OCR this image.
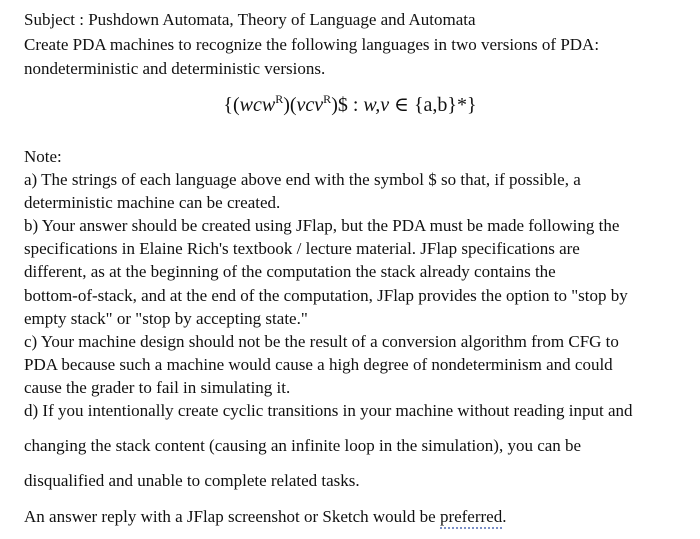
Subject : Pushdown Automata, Theory of Language and Automata
Create PDA machines to recognize the following languages in two versions of PDA:
nondeterministic and deterministic versions.
{(wcw$^R$)(vcv$^R$)$ : w,v ∈ {a,b}*}
Note:
a) The strings of each language above end with the symbol $ so that, if possible, a
deterministic machine can be created.
b) Your answer should be created using JFlap, but the PDA must be made following the
specifications in Elaine Rich's textbook / lecture material. JFlap specifications are
different, as at the beginning of the computation the stack already contains the
bottom-of-stack, and at the end of the computation, JFlap provides the option to "stop by
empty stack" or "stop by accepting state."
c) Your machine design should not be the result of a conversion algorithm from CFG to
PDA because such a machine would cause a high degree of nondeterminism and could
cause the grader to fail in simulating it.
d) If you intentionally create cyclic transitions in your machine without reading input and
changing the stack content (causing an infinite loop in the simulation), you can be
disqualified and unable to complete related tasks.
An answer reply with a JFlap screenshot or Sketch would be preferred.
